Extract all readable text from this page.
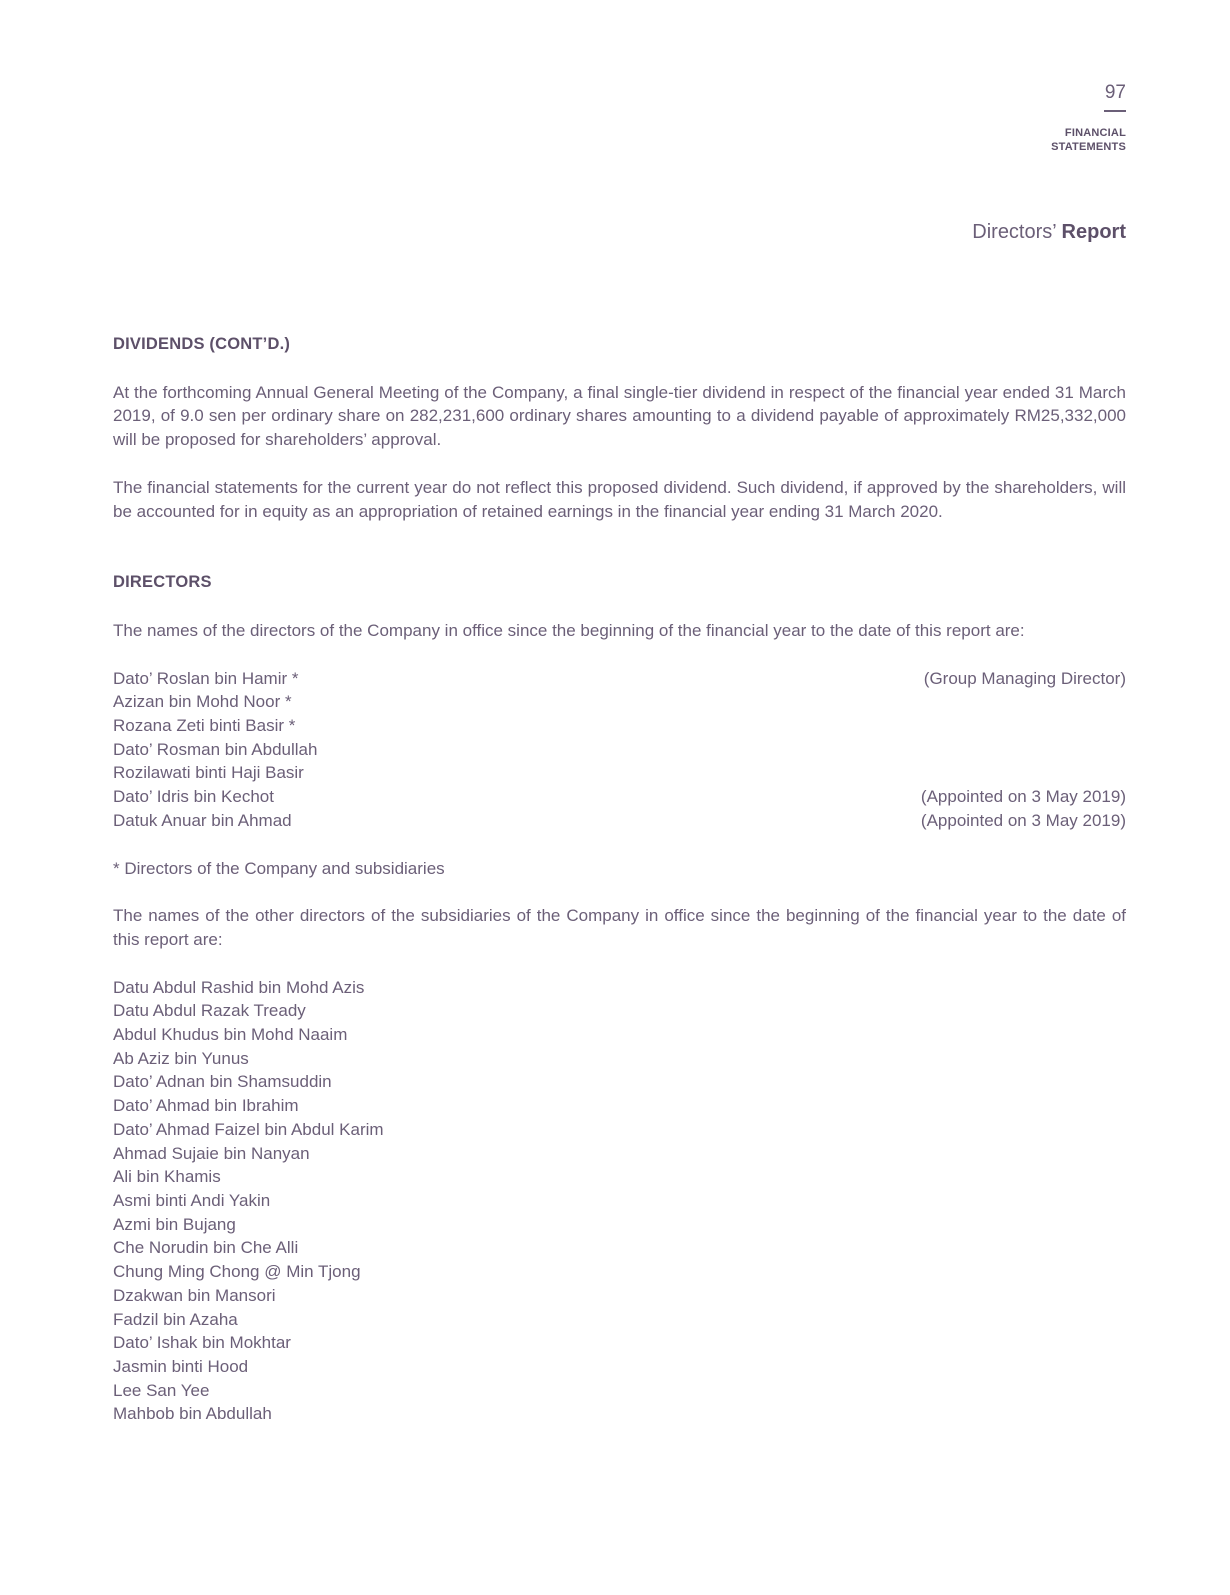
97
FINANCIAL
STATEMENTS
Directors’ Report
DIVIDENDS (CONT’D.)

At the forthcoming Annual General Meeting of the Company, a final single-tier dividend in respect of the financial year ended 31 March 2019, of 9.0 sen per ordinary share on 282,231,600 ordinary shares amounting to a dividend payable of approximately RM25,332,000 will be proposed for shareholders’ approval.

The financial statements for the current year do not reflect this proposed dividend. Such dividend, if approved by the shareholders, will be accounted for in equity as an appropriation of retained earnings in the financial year ending 31 March 2020.

DIRECTORS

The names of the directors of the Company in office since the beginning of the financial year to the date of this report are:

Dato’ Roslan bin Hamir *	(Group Managing Director)
Azizan bin Mohd Noor *
Rozana Zeti binti Basir *
Dato’ Rosman bin Abdullah
Rozilawati binti Haji Basir
Dato’ Idris bin Kechot	(Appointed on 3 May 2019)
Datuk Anuar bin Ahmad	(Appointed on 3 May 2019)

* Directors of the Company and subsidiaries

The names of the other directors of the subsidiaries of the Company in office since the beginning of the financial year to the date of this report are:

Datu Abdul Rashid bin Mohd Azis

Datu Abdul Razak Tready

Abdul Khudus bin Mohd Naaim

Ab Aziz bin Yunus

Dato’ Adnan bin Shamsuddin

Dato’ Ahmad bin Ibrahim

Dato’ Ahmad Faizel bin Abdul Karim

Ahmad Sujaie bin Nanyan

Ali bin Khamis

Asmi binti Andi Yakin

Azmi bin Bujang

Che Norudin bin Che Alli

Chung Ming Chong @ Min Tjong

Dzakwan bin Mansori

Fadzil bin Azaha

Dato’ Ishak bin Mokhtar

Jasmin binti Hood

Lee San Yee

Mahbob bin Abdullah
